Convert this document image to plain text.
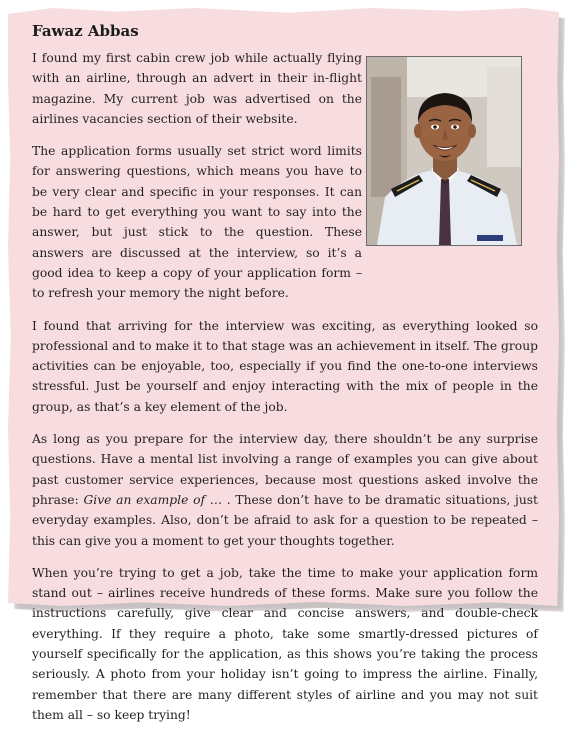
Fawaz Abbas

I found my first cabin crew job while actually flying with an airline, through an advert in their in-flight magazine. My current job was advertised on the airlines vacancies section of their website.

The application forms usually set strict word limits for answering questions, which means you have to be very clear and specific in your responses. It can be hard to get everything you want to say into the answer, but just stick to the question. These answers are discussed at the interview, so it’s a good idea to keep a copy of your application form – to refresh your memory the night before.

I found that arriving for the interview was exciting, as everything looked so professional and to make it to that stage was an achievement in itself. The group activities can be enjoyable, too, especially if you find the one-to-one interviews stressful. Just be yourself and enjoy interacting with the mix of people in the group, as that’s a key element of the job.

As long as you prepare for the interview day, there shouldn’t be any surprise questions. Have a mental list involving a range of examples you can give about past customer service experiences, because most questions asked involve the phrase: Give an example of … . These don’t have to be dramatic situations, just everyday examples. Also, don’t be afraid to ask for a question to be repeated – this can give you a moment to get your thoughts together.

When you’re trying to get a job, take the time to make your application form stand out – airlines receive hundreds of these forms. Make sure you follow the instructions carefully, give clear and concise answers, and double-check everything. If they require a photo, take some smartly-dressed pictures of yourself specifically for the application, as this shows you’re taking the process seriously. A photo from your holiday isn’t going to impress the airline. Finally, remember that there are many different styles of airline and you may not suit them all – so keep trying!
